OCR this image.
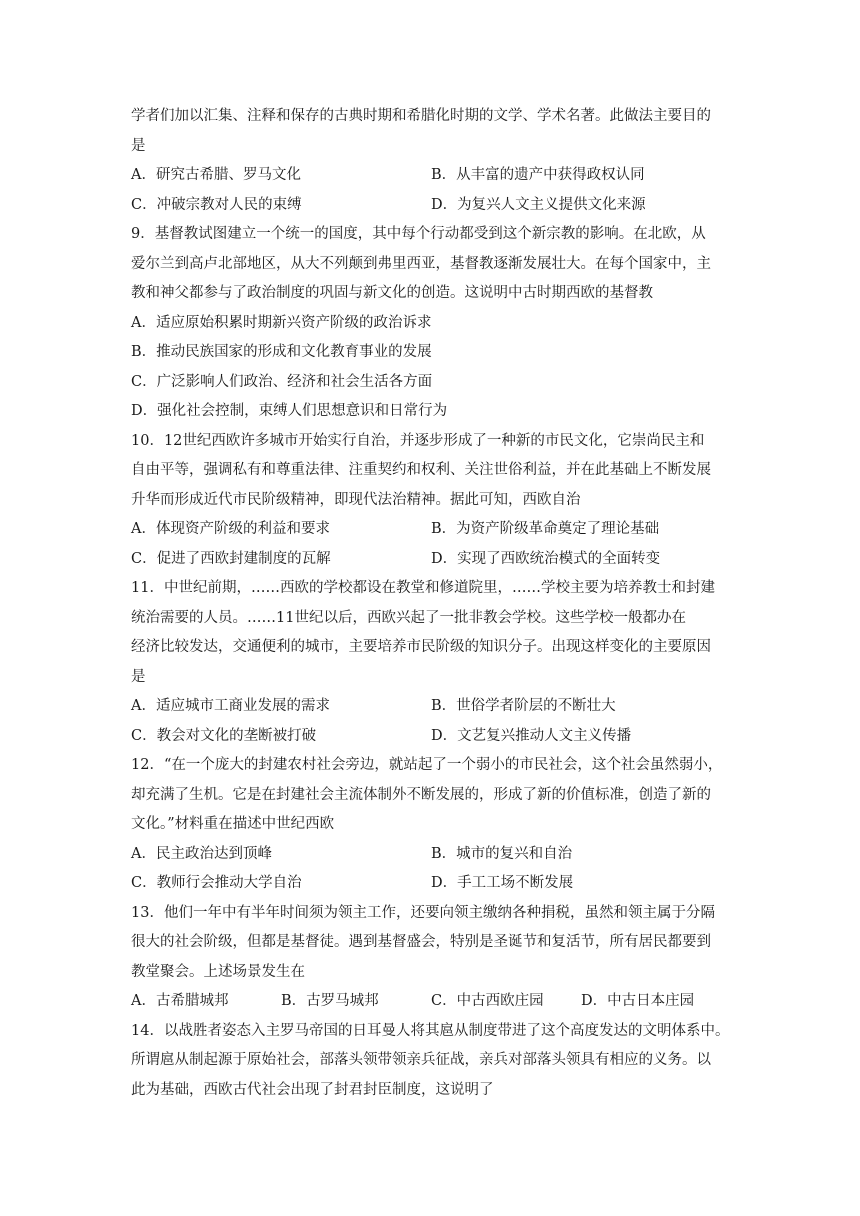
学者们加以汇集、注释和保存的古典时期和希腊化时期的文学、学术名著。此做法主要目的
是
A．研究古希腊、罗马文化	B．从丰富的遗产中获得政权认同
C．冲破宗教对人民的束缚	D．为复兴人文主义提供文化来源
9．基督教试图建立一个统一的国度，其中每个行动都受到这个新宗教的影响。在北欧，从
爱尔兰到高卢北部地区，从大不列颠到弗里西亚，基督教逐渐发展壮大。在每个国家中，主
教和神父都参与了政治制度的巩固与新文化的创造。这说明中古时期西欧的基督教
A．适应原始积累时期新兴资产阶级的政治诉求
B．推动民族国家的形成和文化教育事业的发展
C．广泛影响人们政治、经济和社会生活各方面
D．强化社会控制，束缚人们思想意识和日常行为
10．12世纪西欧许多城市开始实行自治，并逐步形成了一种新的市民文化，它崇尚民主和
自由平等，强调私有和尊重法律、注重契约和权利、关注世俗利益，并在此基础上不断发展
升华而形成近代市民阶级精神，即现代法治精神。据此可知，西欧自治
A．体现资产阶级的利益和要求	B．为资产阶级革命奠定了理论基础
C．促进了西欧封建制度的瓦解	D．实现了西欧统治模式的全面转变
11．中世纪前期，……西欧的学校都设在教堂和修道院里，……学校主要为培养教士和封建
统治需要的人员。……11世纪以后，西欧兴起了一批非教会学校。这些学校一般都办在
经济比较发达，交通便利的城市，主要培养市民阶级的知识分子。出现这样变化的主要原因
是
A．适应城市工商业发展的需求	B．世俗学者阶层的不断壮大
C．教会对文化的垄断被打破	D．文艺复兴推动人文主义传播
12．“在一个庞大的封建农村社会旁边，就站起了一个弱小的市民社会，这个社会虽然弱小，
却充满了生机。它是在封建社会主流体制外不断发展的，形成了新的价值标准，创造了新的
文化。”材料重在描述中世纪西欧
A．民主政治达到顶峰	B．城市的复兴和自治
C．教师行会推动大学自治	D．手工工场不断发展
13．他们一年中有半年时间须为领主工作，还要向领主缴纳各种捐税，虽然和领主属于分隔
很大的社会阶级，但都是基督徒。遇到基督盛会，特别是圣诞节和复活节，所有居民都要到
教堂聚会。上述场景发生在
A．古希腊城邦	B．古罗马城邦	C．中古西欧庄园	D．中古日本庄园
14．以战胜者姿态入主罗马帝国的日耳曼人将其扈从制度带进了这个高度发达的文明体系中。
所谓扈从制起源于原始社会，部落头领带领亲兵征战，亲兵对部落头领具有相应的义务。以
此为基础，西欧古代社会出现了封君封臣制度，这说明了
